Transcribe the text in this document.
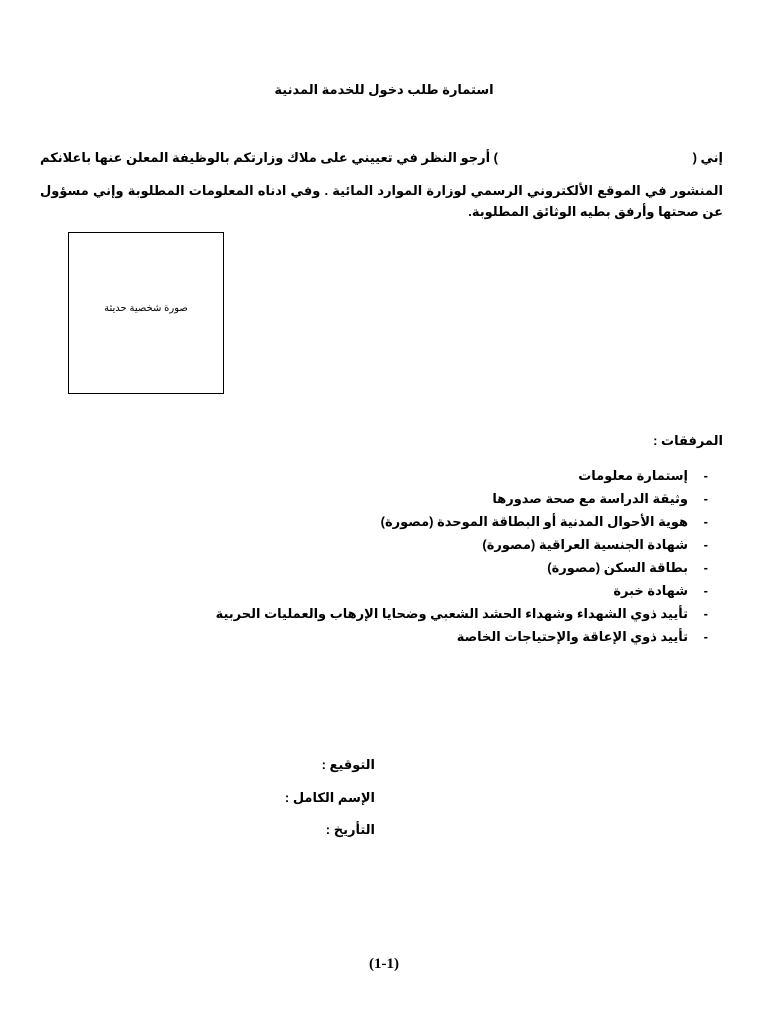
استمارة طلب دخول للخدمة المدنية
إني (
) أرجو النظر في تعييني على ملاك وزارتكم بالوظيفة المعلن عنها باعلانكم
المنشور في الموقع الألكتروني الرسمي لوزارة الموارد المائية . وفي ادناه المعلومات المطلوبة وإني مسؤول عن صحتها وأرفق بطيه الوثائق المطلوبة.
صورة شخصية حديثة
المرفقات :
-
إستمارة معلومات
-
وثيقة الدراسة مع صحة صدورها
-
هوية الأحوال المدنية أو البطاقة الموحدة (مصورة)
-
شهادة الجنسية العراقية (مصورة)
-
بطاقة السكن (مصورة)
-
شهادة خبرة
-
تأييد ذوي الشهداء وشهداء الحشد الشعبي وضحايا الإرهاب والعمليات الحربية
-
تأييد ذوي الإعاقة والإحتياجات الخاصة
التوقيع :
الإسم الكامل :
التأريخ :
(1-1)
